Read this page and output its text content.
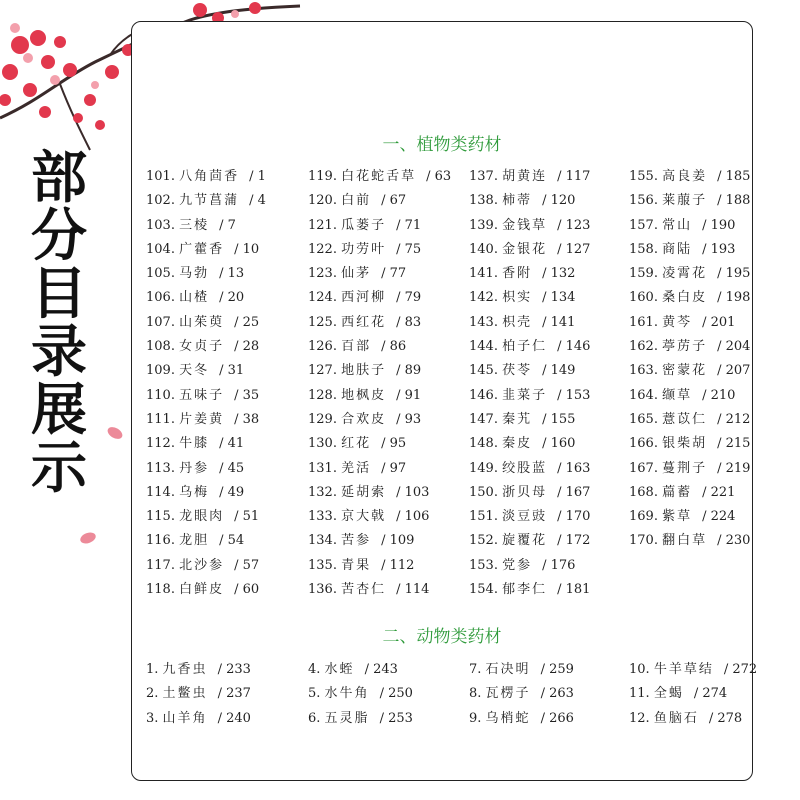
部
分
目
录
展
示
一、植物类药材
101. 八角茴香 / 1
102. 九节菖蒲 / 4
103. 三棱 / 7
104. 广藿香 / 10
105. 马勃 / 13
106. 山楂 / 20
107. 山茱萸 / 25
108. 女贞子 / 28
109. 天冬 / 31
110. 五味子 / 35
111. 片姜黄 / 38
112. 牛膝 / 41
113. 丹参 / 45
114. 乌梅 / 49
115. 龙眼肉 / 51
116. 龙胆 / 54
117. 北沙参 / 57
118. 白鲜皮 / 60
119. 白花蛇舌草 / 63
120. 白前 / 67
121. 瓜蒌子 / 71
122. 功劳叶 / 75
123. 仙茅 / 77
124. 西河柳 / 79
125. 西红花 / 83
126. 百部 / 86
127. 地肤子 / 89
128. 地枫皮 / 91
129. 合欢皮 / 93
130. 红花 / 95
131. 羌活 / 97
132. 延胡索 / 103
133. 京大戟 / 106
134. 苦参 / 109
135. 青果 / 112
136. 苦杏仁 / 114
137. 胡黄连 / 117
138. 柿蒂 / 120
139. 金钱草 / 123
140. 金银花 / 127
141. 香附 / 132
142. 枳实 / 134
143. 枳壳 / 141
144. 柏子仁 / 146
145. 茯苓 / 149
146. 韭菜子 / 153
147. 秦艽 / 155
148. 秦皮 / 160
149. 绞股蓝 / 163
150. 浙贝母 / 167
151. 淡豆豉 / 170
152. 旋覆花 / 172
153. 党参 / 176
154. 郁李仁 / 181
155. 高良姜 / 185
156. 莱菔子 / 188
157. 常山 / 190
158. 商陆 / 193
159. 凌霄花 / 195
160. 桑白皮 / 198
161. 黄芩 / 201
162. 葶苈子 / 204
163. 密蒙花 / 207
164. 缬草 / 210
165. 薏苡仁 / 212
166. 银柴胡 / 215
167. 蔓荆子 / 219
168. 萹蓄 / 221
169. 紫草 / 224
170. 翻白草 / 230
二、动物类药材
1. 九香虫 / 233
2. 土鳖虫 / 237
3. 山羊角 / 240
4. 水蛭 / 243
5. 水牛角 / 250
6. 五灵脂 / 253
7. 石决明 / 259
8. 瓦楞子 / 263
9. 乌梢蛇 / 266
10. 牛羊草结 / 272
11. 全蝎 / 274
12. 鱼脑石 / 278
